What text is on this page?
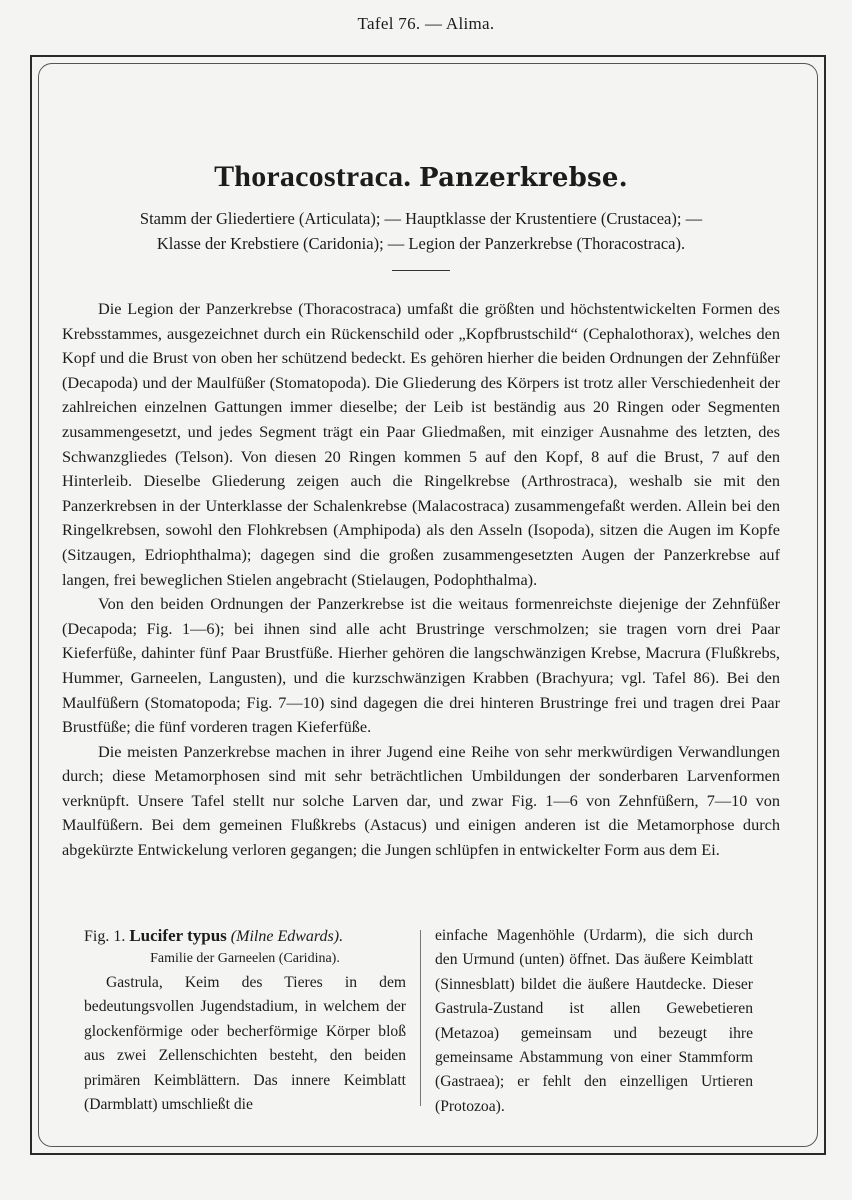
Tafel 76. — Alima.
Thoracostraca. Panzerkrebse.
Stamm der Gliedertiere (Articulata); — Hauptklasse der Krustentiere (Crustacea); —
Klasse der Krebstiere (Caridonia); — Legion der Panzerkrebse (Thoracostraca).

Die Legion der Panzerkrebse (Thoracostraca) umfaßt die größten und höchstentwickelten Formen des Krebsstammes, ausgezeichnet durch ein Rückenschild oder „Kopfbrustschild“ (Cephalothorax), welches den Kopf und die Brust von oben her schützend bedeckt. Es gehören hierher die beiden Ordnungen der Zehnfüßer (Decapoda) und der Maulfüßer (Stomatopoda). Die Gliederung des Körpers ist trotz aller Verschiedenheit der zahlreichen einzelnen Gattungen immer dieselbe; der Leib ist beständig aus 20 Ringen oder Segmenten zusammengesetzt, und jedes Segment trägt ein Paar Gliedmaßen, mit einziger Ausnahme des letzten, des Schwanzgliedes (Telson). Von diesen 20 Ringen kommen 5 auf den Kopf, 8 auf die Brust, 7 auf den Hinterleib. Dieselbe Gliederung zeigen auch die Ringelkrebse (Arthrostraca), weshalb sie mit den Panzerkrebsen in der Unterklasse der Schalenkrebse (Malacostraca) zusammengefaßt werden. Allein bei den Ringelkrebsen, sowohl den Flohkrebsen (Amphipoda) als den Asseln (Isopoda), sitzen die Augen im Kopfe (Sitzaugen, Edriophthalma); dagegen sind die großen zusammengesetzten Augen der Panzerkrebse auf langen, frei beweglichen Stielen angebracht (Stielaugen, Podophthalma).

Von den beiden Ordnungen der Panzerkrebse ist die weitaus formenreichste diejenige der Zehnfüßer (Decapoda; Fig. 1—6); bei ihnen sind alle acht Brustringe verschmolzen; sie tragen vorn drei Paar Kieferfüße, dahinter fünf Paar Brustfüße. Hierher gehören die langschwänzigen Krebse, Macrura (Flußkrebs, Hummer, Garneelen, Langusten), und die kurzschwänzigen Krabben (Brachyura; vgl. Tafel 86). Bei den Maulfüßern (Stomatopoda; Fig. 7—10) sind dagegen die drei hinteren Brustringe frei und tragen drei Paar Brustfüße; die fünf vorderen tragen Kieferfüße.

Die meisten Panzerkrebse machen in ihrer Jugend eine Reihe von sehr merkwürdigen Verwandlungen durch; diese Metamorphosen sind mit sehr beträchtlichen Umbildungen der sonderbaren Larvenformen verknüpft. Unsere Tafel stellt nur solche Larven dar, und zwar Fig. 1—6 von Zehnfüßern, 7—10 von Maulfüßern. Bei dem gemeinen Flußkrebs (Astacus) und einigen anderen ist die Metamorphose durch abgekürzte Entwickelung verloren gegangen; die Jungen schlüpfen in entwickelter Form aus dem Ei.

Fig. 1. Lucifer typus (Milne Edwards).
Familie der Garneelen (Caridina).

Gastrula, Keim des Tieres in dem bedeutungsvollen Jugendstadium, in welchem der glockenförmige oder becherförmige Körper bloß aus zwei Zellenschichten besteht, den beiden primären Keimblättern. Das innere Keimblatt (Darmblatt) umschließt die

einfache Magenhöhle (Urdarm), die sich durch den Urmund (unten) öffnet. Das äußere Keimblatt (Sinnesblatt) bildet die äußere Hautdecke. Dieser Gastrula-Zustand ist allen Gewebetieren (Metazoa) gemeinsam und bezeugt ihre gemeinsame Abstammung von einer Stammform (Gastraea); er fehlt den einzelligen Urtieren (Protozoa).
